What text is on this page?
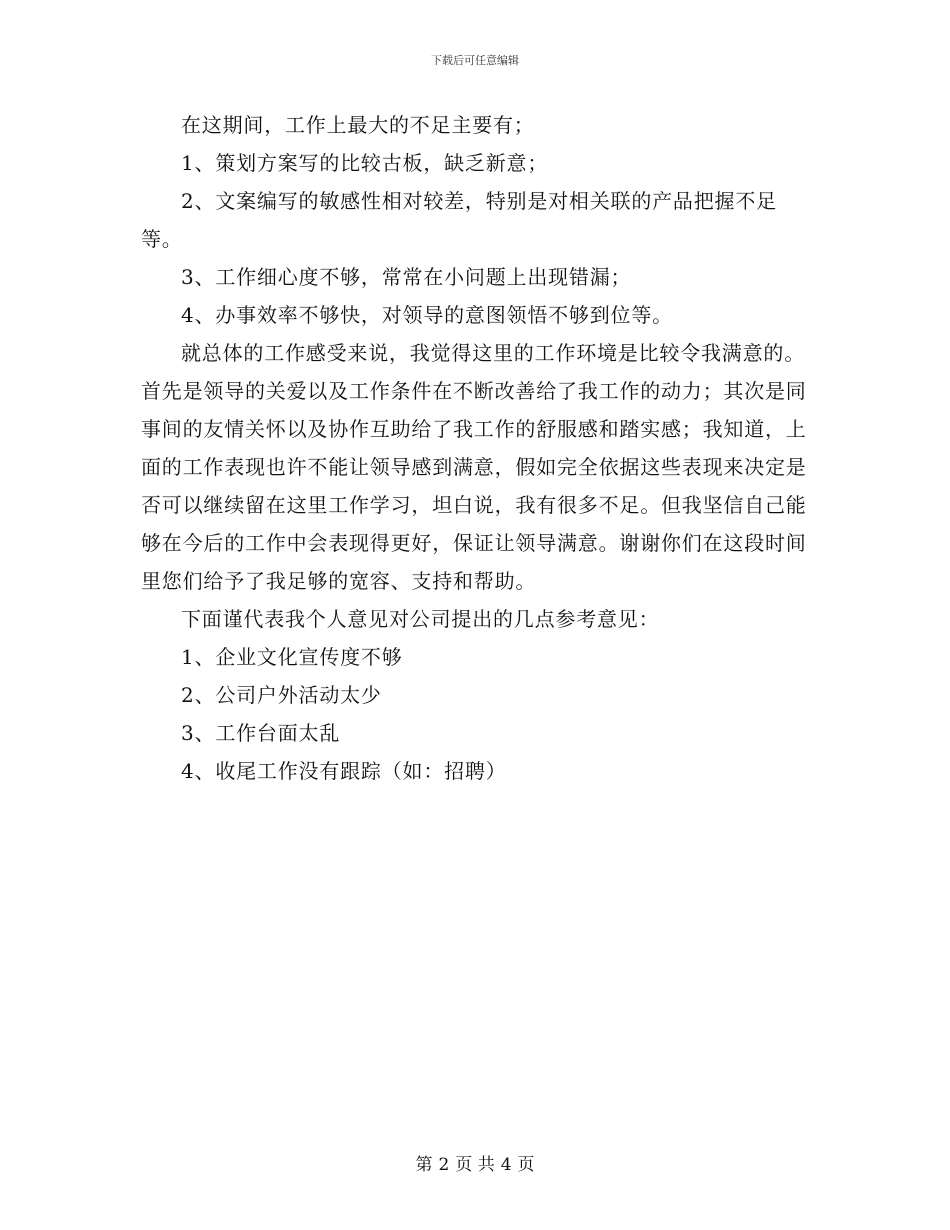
下载后可任意编辑

在这期间，工作上最大的不足主要有；

1、策划方案写的比较古板，缺乏新意；

2、文案编写的敏感性相对较差，特别是对相关联的产品把握不足等。

3、工作细心度不够，常常在小问题上出现错漏；

4、办事效率不够快，对领导的意图领悟不够到位等。

就总体的工作感受来说，我觉得这里的工作环境是比较令我满意的。首先是领导的关爱以及工作条件在不断改善给了我工作的动力；其次是同事间的友情关怀以及协作互助给了我工作的舒服感和踏实感；我知道，上面的工作表现也许不能让领导感到满意，假如完全依据这些表现来决定是否可以继续留在这里工作学习，坦白说，我有很多不足。但我坚信自己能够在今后的工作中会表现得更好，保证让领导满意。谢谢你们在这段时间里您们给予了我足够的宽容、支持和帮助。

下面谨代表我个人意见对公司提出的几点参考意见：

1、企业文化宣传度不够

2、公司户外活动太少

3、工作台面太乱

4、收尾工作没有跟踪（如：招聘）

第 2 页 共 4 页
